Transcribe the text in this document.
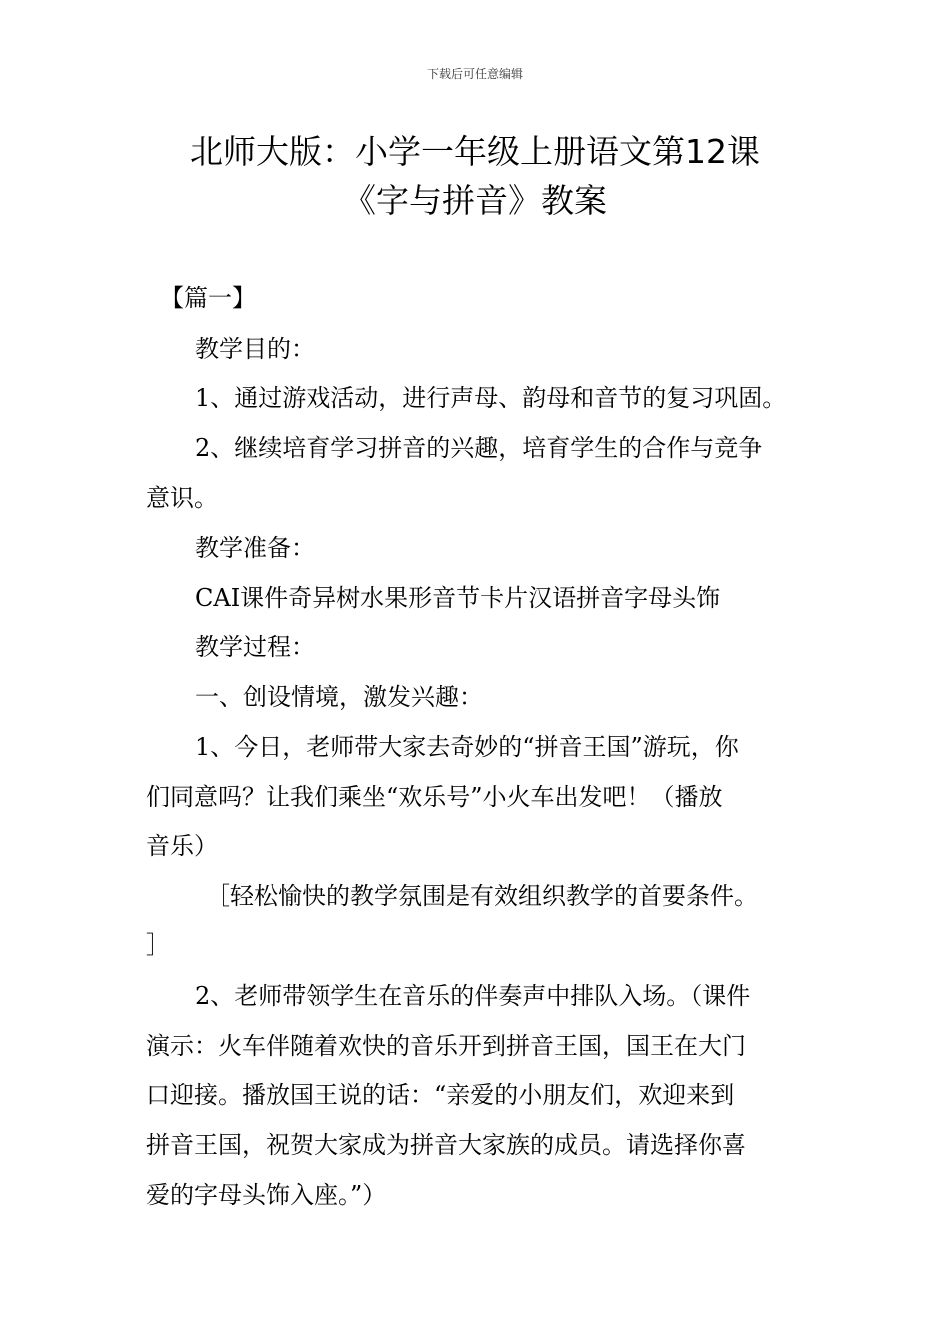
下载后可任意编辑
北师大版：小学一年级上册语文第12课
《字与拼音》教案
【篇一】
教学目的：
1、通过游戏活动，进行声母、韵母和音节的复习巩固。
2、继续培育学习拼音的兴趣，培育学生的合作与竞争
意识。
教学准备：
CAI课件奇异树水果形音节卡片汉语拼音字母头饰
教学过程：
一、创设情境，激发兴趣：
1、今日，老师带大家去奇妙的“拼音王国”游玩，你
们同意吗？让我们乘坐“欢乐号”小火车出发吧！（播放
音乐）
［轻松愉快的教学氛围是有效组织教学的首要条件。
］
2、老师带领学生在音乐的伴奏声中排队入场。（课件
演示：火车伴随着欢快的音乐开到拼音王国，国王在大门
口迎接。播放国王说的话：“亲爱的小朋友们，欢迎来到
拼音王国，祝贺大家成为拼音大家族的成员。请选择你喜
爱的字母头饰入座。”）
